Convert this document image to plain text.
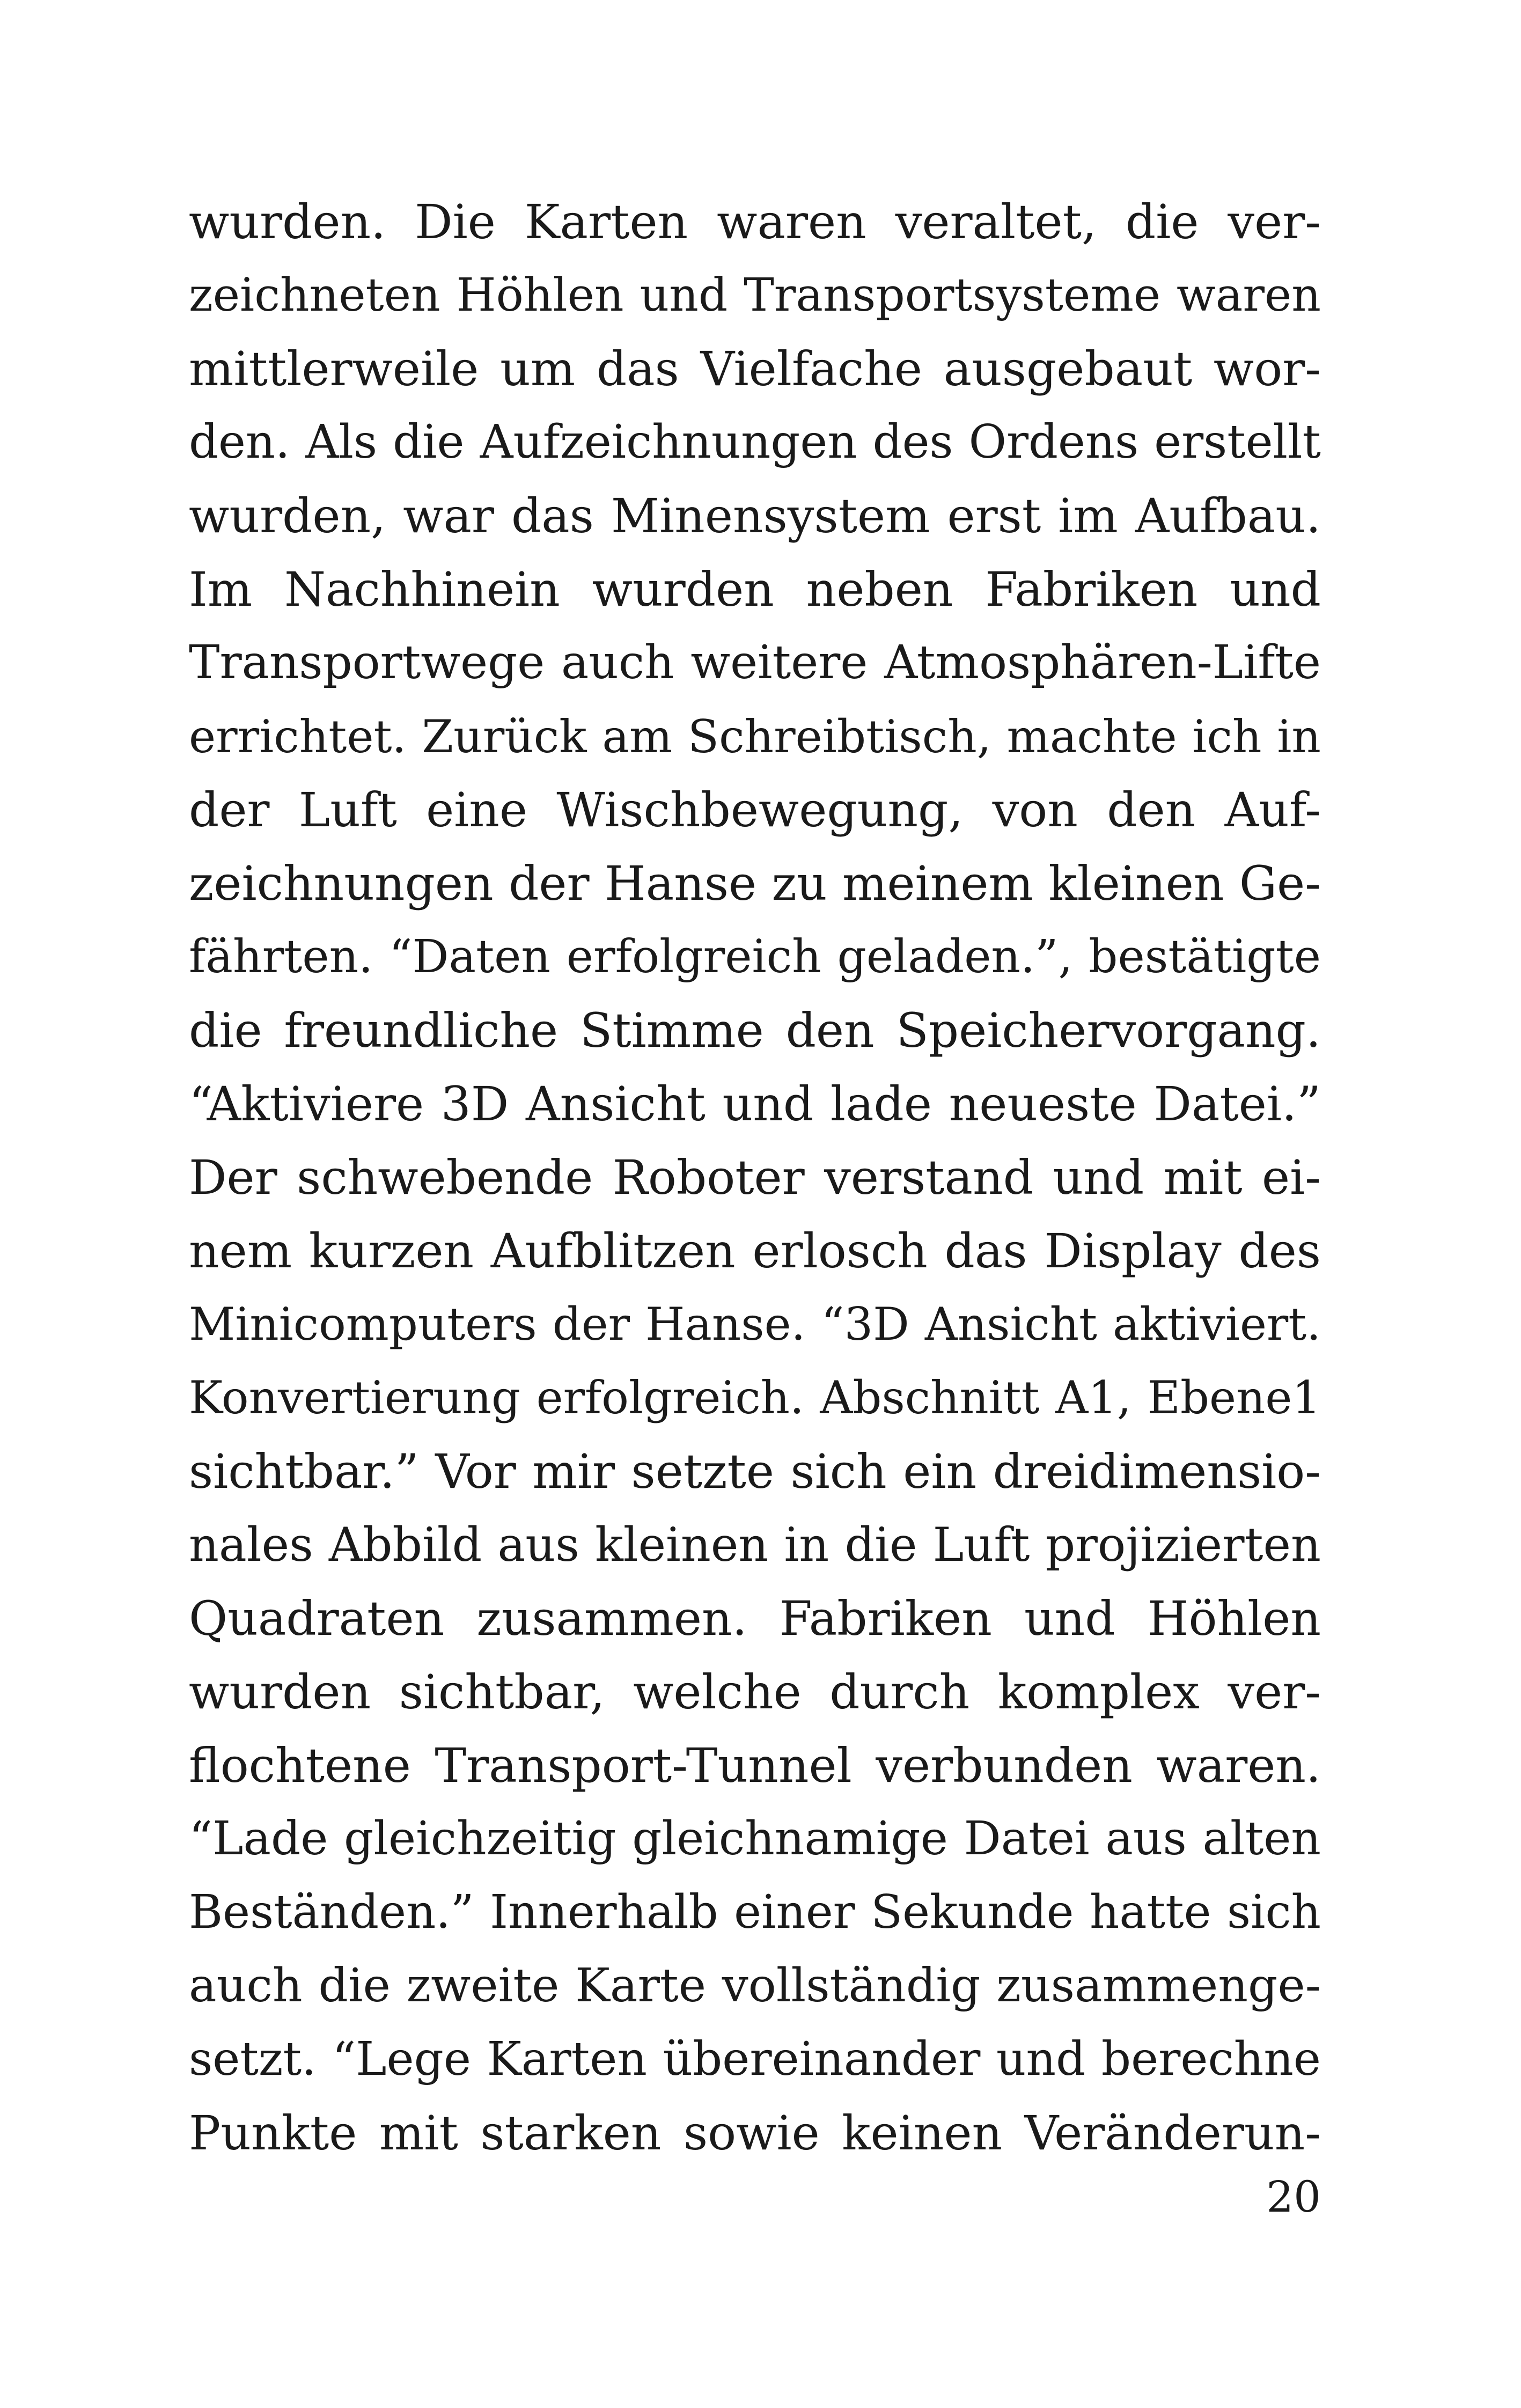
wurden. Die Karten waren veraltet, die ver-
zeichneten Höhlen und Transportsysteme waren
mittlerweile um das Vielfache ausgebaut wor-
den. Als die Aufzeichnungen des Ordens erstellt
wurden, war das Minensystem erst im Aufbau.
Im Nachhinein wurden neben Fabriken und
Transportwege auch weitere Atmosphären-Lifte
errichtet. Zurück am Schreibtisch, machte ich in
der Luft eine Wischbewegung, von den Auf-
zeichnungen der Hanse zu meinem kleinen Ge-
fährten. “Daten erfolgreich geladen.”, bestätigte
die freundliche Stimme den Speichervorgang.
“Aktiviere 3D Ansicht und lade neueste Datei.”
Der schwebende Roboter verstand und mit ei-
nem kurzen Aufblitzen erlosch das Display des
Minicomputers der Hanse. “3D Ansicht aktiviert.
Konvertierung erfolgreich. Abschnitt A1, Ebene1
sichtbar.” Vor mir setzte sich ein dreidimensio-
nales Abbild aus kleinen in die Luft projizierten
Quadraten zusammen. Fabriken und Höhlen
wurden sichtbar, welche durch komplex ver-
flochtene Transport-Tunnel verbunden waren.
“Lade gleichzeitig gleichnamige Datei aus alten
Beständen.” Innerhalb einer Sekunde hatte sich
auch die zweite Karte vollständig zusammenge-
setzt. “Lege Karten übereinander und berechne
Punkte mit starken sowie keinen Veränderun-
20
